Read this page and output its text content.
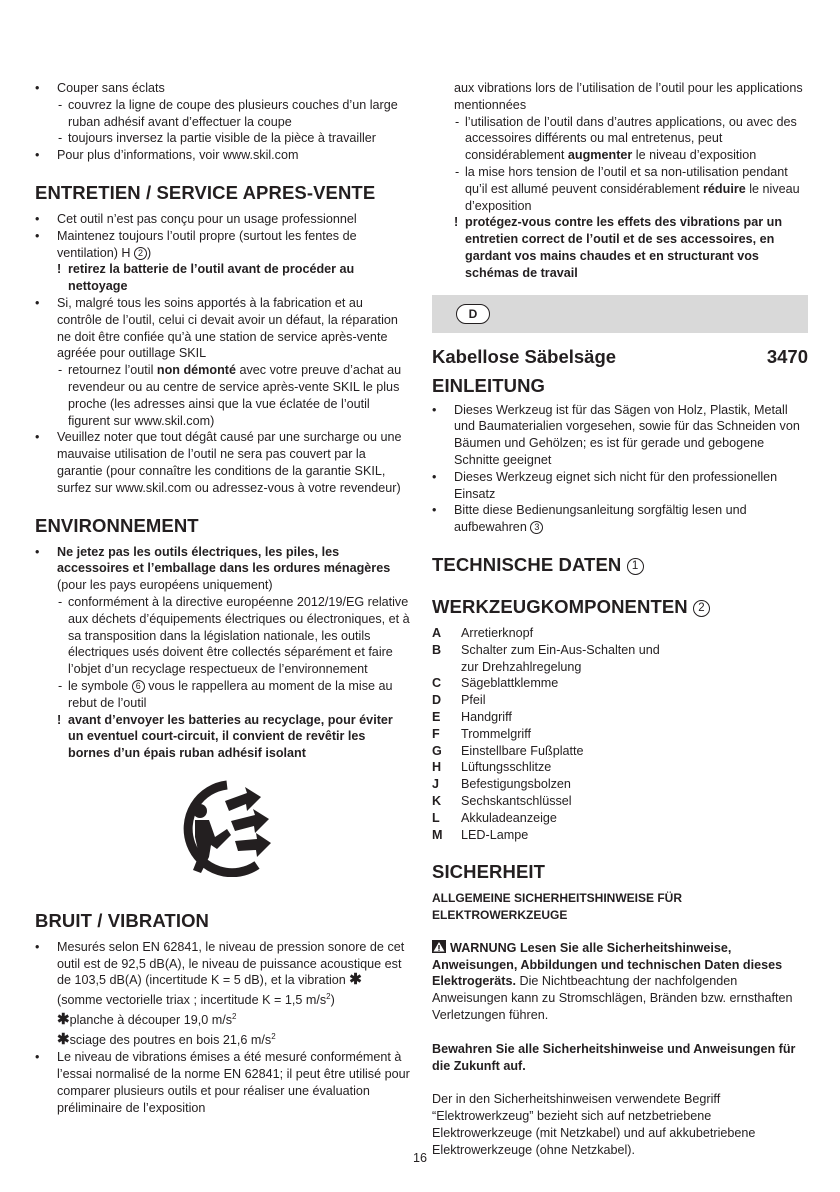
• Couper sans éclats
- couvrez la ligne de coupe des plusieurs couches d’un large ruban adhésif avant d’effectuer la coupe
- toujours inversez la partie visible de la pièce à travailler
• Pour plus d’informations, voir www.skil.com
ENTRETIEN / SERVICE APRES-VENTE
• Cet outil n’est pas conçu pour un usage professionnel
• Maintenez toujours l’outil propre (surtout les fentes de ventilation) H 2 )
! retirez la batterie de l’outil avant de procéder au nettoyage
• Si, malgré tous les soins apportés à la fabrication et au contrôle de l’outil, celui ci devait avoir un défaut, la réparation ne doit être confiée qu’à une station de service après-vente agréée pour outillage SKIL
- retournez l’outil non démonté avec votre preuve d’achat au revendeur ou au centre de service après-vente SKIL le plus proche (les adresses ainsi que la vue éclatée de l’outil figurent sur www.skil.com)
• Veuillez noter que tout dégât causé par une surcharge ou une mauvaise utilisation de l’outil ne sera pas couvert par la garantie (pour connaître les conditions de la garantie SKIL, surfez sur www.skil.com ou adressez-vous à votre revendeur)
ENVIRONNEMENT
• Ne jetez pas les outils électriques, les piles, les accessoires et l’emballage dans les ordures ménagères (pour les pays européens uniquement)
- conformément à la directive européenne 2012/19/EG relative aux déchets d’équipements électriques ou électroniques, et à sa transposition dans la législation nationale, les outils électriques usés doivent être collectés séparément et faire l’objet d’un recyclage respectueux de l’environnement
- le symbole 6 vous le rappellera au moment de la mise au rebut de l’outil
! avant d’envoyer les batteries au recyclage, pour éviter un eventuel court-circuit, il convient de revêtir les bornes d’un épais ruban adhésif isolant
BRUIT / VIBRATION
• Mesurés selon EN 62841, le niveau de pression sonore de cet outil est de 92,5 dB(A), le niveau de puissance acoustique est de 103,5 dB(A) (incertitude K = 5 dB), et la vibration ✱ (somme vectorielle triax ; incertitude K = 1,5 $m/s^2$)
✱planche à découper 19,0 $m/s^2$
✱sciage des poutres en bois 21,6 $m/s^2$
• Le niveau de vibrations émises a été mesuré conformément à l’essai normalisé de la norme EN 62841; il peut être utilisé pour comparer plusieurs outils et pour réaliser une évaluation préliminaire de l’exposition
aux vibrations lors de l’utilisation de l’outil pour les applications mentionnées
- l’utilisation de l’outil dans d’autres applications, ou avec des accessoires différents ou mal entretenus, peut considérablement augmenter le niveau d’exposition
- la mise hors tension de l’outil et sa non-utilisation pendant qu’il est allumé peuvent considérablement réduire le niveau d’exposition
! protégez-vous contre les effets des vibrations par un entretien correct de l’outil et de ses accessoires, en gardant vos mains chaudes et en structurant vos schémas de travail
D
Kabellose Säbelsäge	3470
EINLEITUNG
• Dieses Werkzeug ist für das Sägen von Holz, Plastik, Metall und Baumaterialien vorgesehen, sowie für das Schneiden von Bäumen und Gehölzen; es ist für gerade und gebogene Schnitte geeignet
• Dieses Werkzeug eignet sich nicht für den professionellen Einsatz
• Bitte diese Bedienungsanleitung sorgfältig lesen und aufbewahren 3
TECHNISCHE DATEN 1
WERKZEUGKOMPONENTEN 2
A	Arretierknopf
B	Schalter zum Ein-Aus-Schalten und zur Drehzahlregelung
C	Sägeblattklemme
D	Pfeil
E	Handgriff
F	Trommelgriff
G	Einstellbare Fußplatte
H	Lüftungsschlitze
J	Befestigungsbolzen
K	Sechskantschlüssel
L	Akkuladeanzeige
M	LED-Lampe
SICHERHEIT
ALLGEMEINE SICHERHEITSHINWEISE FÜR ELEKTROWERKZEUGE
WARNUNG Lesen Sie alle Sicherheitshinweise, Anweisungen, Abbildungen und technischen Daten dieses Elektrogeräts. Die Nichtbeachtung der nachfolgenden Anweisungen kann zu Stromschlägen, Bränden bzw. ernsthaften Verletzungen führen.
Bewahren Sie alle Sicherheitshinweise und Anweisungen für die Zukunft auf.
Der in den Sicherheitshinweisen verwendete Begriff “Elektrowerkzeug” bezieht sich auf netzbetriebene Elektrowerkzeuge (mit Netzkabel) und auf akkubetriebene Elektrowerkzeuge (ohne Netzkabel).
16
